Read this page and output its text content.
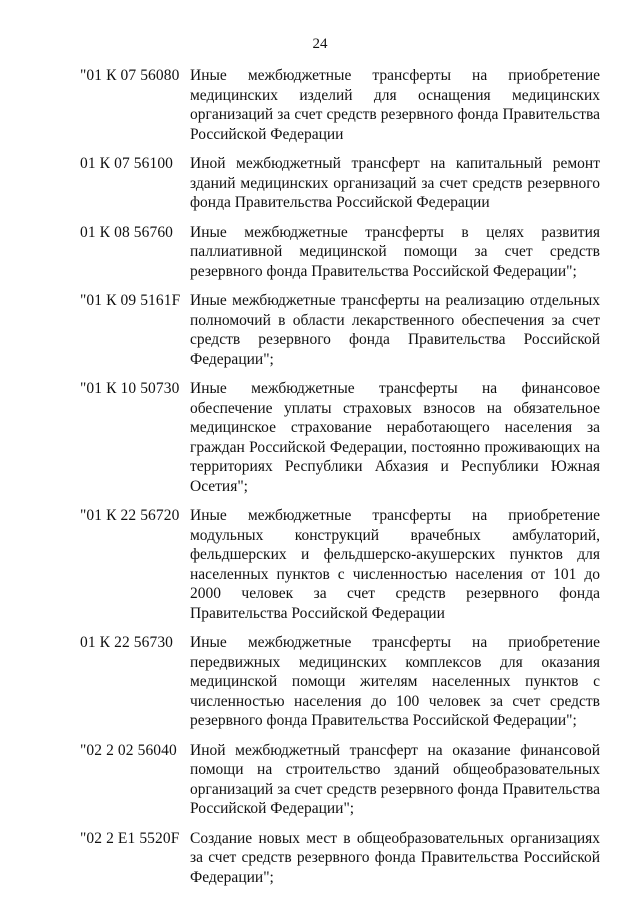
24
"01 К 07 56080 Иные межбюджетные трансферты на приобретение медицинских изделий для оснащения медицинских организаций за счет средств резервного фонда Правительства Российской Федерации
01 К 07 56100	Иной межбюджетный трансферт на капитальный ремонт зданий медицинских организаций за счет средств резервного фонда Правительства Российской Федерации
01 К 08 56760	Иные межбюджетные трансферты в целях развития паллиативной медицинской помощи за счет средств резервного фонда Правительства Российской Федерации";
"01 К 09 5161F Иные межбюджетные трансферты на реализацию отдельных полномочий в области лекарственного обеспечения за счет средств резервного фонда Правительства Российской Федерации";
"01 К 10 50730 Иные межбюджетные трансферты на финансовое обеспечение уплаты страховых взносов на обязательное медицинское страхование неработающего населения за граждан Российской Федерации, постоянно проживающих на территориях Республики Абхазия и Республики Южная Осетия";
"01 К 22 56720 Иные межбюджетные трансферты на приобретение модульных конструкций врачебных амбулаторий, фельдшерских и фельдшерско-акушерских пунктов для населенных пунктов с численностью населения от 101 до 2000 человек за счет средств резервного фонда Правительства Российской Федерации
01 К 22 56730	Иные межбюджетные трансферты на приобретение передвижных медицинских комплексов для оказания медицинской помощи жителям населенных пунктов с численностью населения до 100 человек за счет средств резервного фонда Правительства Российской Федерации";
"02 2 02 56040 Иной межбюджетный трансферт на оказание финансовой помощи на строительство зданий общеобразовательных организаций за счет средств резервного фонда Правительства Российской Федерации";
"02 2 E1 5520F Создание новых мест в общеобразовательных организациях за счет средств резервного фонда Правительства Российской Федерации";
